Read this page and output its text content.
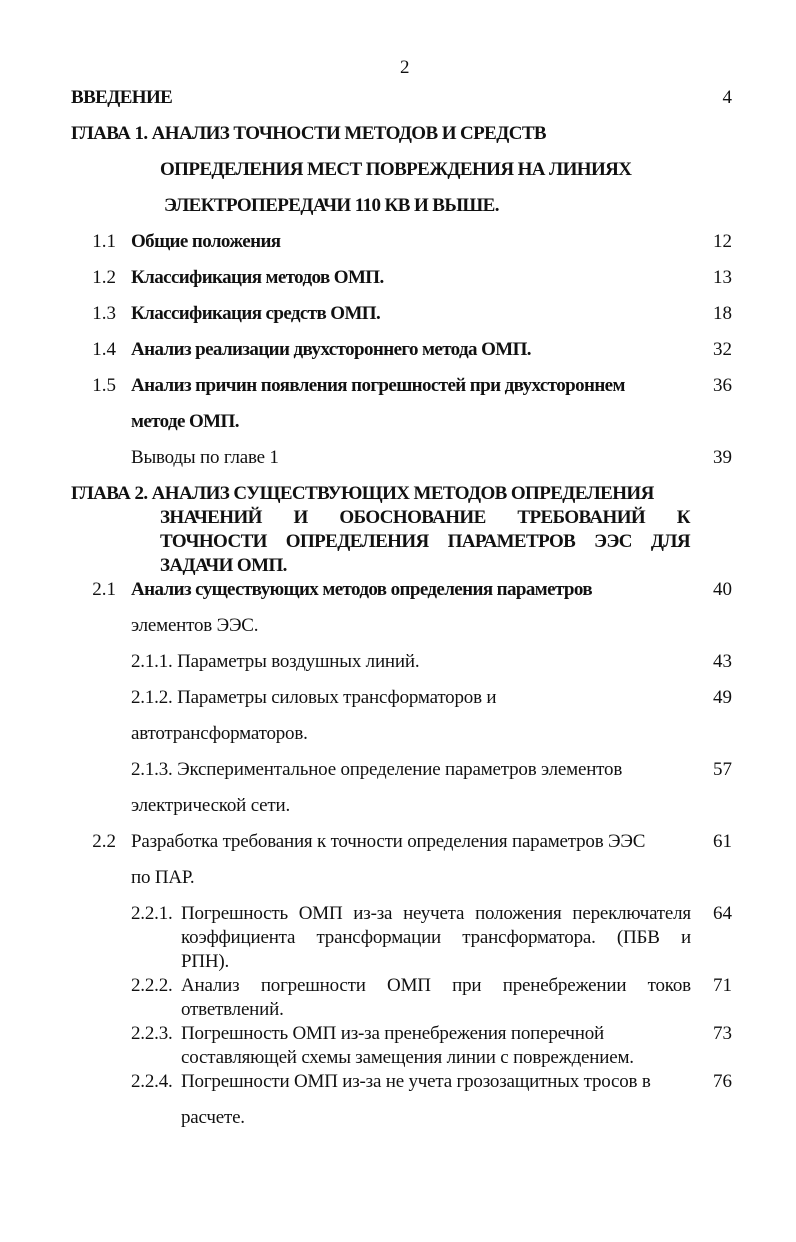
2
ВВЕДЕНИЕ	4
ГЛАВА 1. АНАЛИЗ ТОЧНОСТИ МЕТОДОВ И СРЕДСТВ
ОПРЕДЕЛЕНИЯ МЕСТ ПОВРЕЖДЕНИЯ НА ЛИНИЯХ
ЭЛЕКТРОПЕРЕДАЧИ 110 КВ И ВЫШЕ.
1.1 Общие положения	12
1.2 Классификация методов ОМП.	13
1.3 Классификация средств ОМП.	18
1.4 Анализ реализации двухстороннего метода ОМП.	32
1.5 Анализ причин появления погрешностей при двухстороннем	36
методе ОМП.
Выводы по главе 1	39
ГЛАВА 2. АНАЛИЗ СУЩЕСТВУЮЩИХ МЕТОДОВ ОПРЕДЕЛЕНИЯ
ЗНАЧЕНИЙ И ОБОСНОВАНИЕ ТРЕБОВАНИЙ К
ТОЧНОСТИ ОПРЕДЕЛЕНИЯ ПАРАМЕТРОВ ЭЭС ДЛЯ
ЗАДАЧИ ОМП.
2.1 Анализ существующих методов определения параметров	40
элементов ЭЭС.
2.1.1. Параметры воздушных линий.	43
2.1.2. Параметры силовых трансформаторов и	49
автотрансформаторов.
2.1.3. Экспериментальное определение параметров элементов	57
электрической сети.
2.2 Разработка требования к точности определения параметров ЭЭС	61
по ПАР.
2.2.1. Погрешность ОМП из-за неучета положения переключателя	64
коэффициента трансформации трансформатора. (ПБВ и
РПН).
2.2.2. Анализ погрешности ОМП при пренебрежении токов	71
ответвлений.
2.2.3. Погрешность ОМП из-за пренебрежения поперечной	73
составляющей схемы замещения линии с повреждением.
2.2.4. Погрешности ОМП из-за не учета грозозащитных тросов в	76
расчете.
